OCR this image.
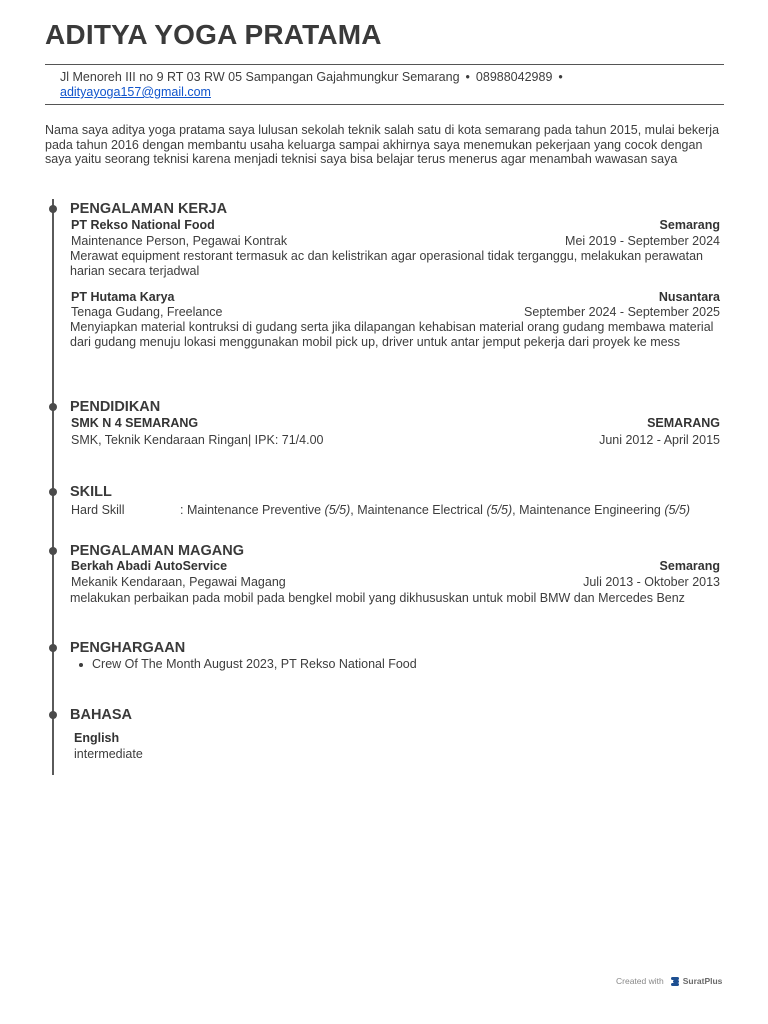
ADITYA YOGA PRATAMA
Jl Menoreh III no 9 RT 03 RW 05 Sampangan Gajahmungkur Semarang • 08988042989 •
adityayoga157@gmail.com

Nama saya aditya yoga pratama saya lulusan sekolah teknik salah satu di kota semarang pada tahun 2015, mulai bekerja pada tahun 2016 dengan membantu usaha keluarga sampai akhirnya saya menemukan pekerjaan yang cocok dengan saya yaitu seorang teknisi karena menjadi teknisi saya bisa belajar terus menerus agar menambah wawasan saya

PENGALAMAN KERJA
PT Rekso National Food	Semarang
Maintenance Person, Pegawai Kontrak	Mei 2019 - September 2024

Merawat equipment restorant termasuk ac dan kelistrikan agar operasional tidak terganggu, melakukan perawatan harian secara terjadwal

PT Hutama Karya	Nusantara
Tenaga Gudang, Freelance	September 2024 - September 2025

Menyiapkan material kontruksi di gudang serta jika dilapangan kehabisan material orang gudang membawa material dari gudang menuju lokasi menggunakan mobil pick up, driver untuk antar jemput pekerja dari proyek ke mess

PENDIDIKAN
SMK N 4 SEMARANG	SEMARANG
SMK, Teknik Kendaraan Ringan| IPK: 71/4.00	Juni 2012 - April 2015
SKILL
Hard Skill	: Maintenance Preventive (5/5), Maintenance Electrical (5/5), Maintenance Engineering (5/5)
PENGALAMAN MAGANG
Berkah Abadi AutoService	Semarang
Mekanik Kendaraan, Pegawai Magang	Juli 2013 - Oktober 2013

melakukan perbaikan pada mobil pada bengkel mobil yang dikhususkan untuk mobil BMW dan Mercedes Benz

PENGHARGAAN
Crew Of The Month August 2023, PT Rekso National Food
BAHASA
English
intermediate
Created with SuratPlus
